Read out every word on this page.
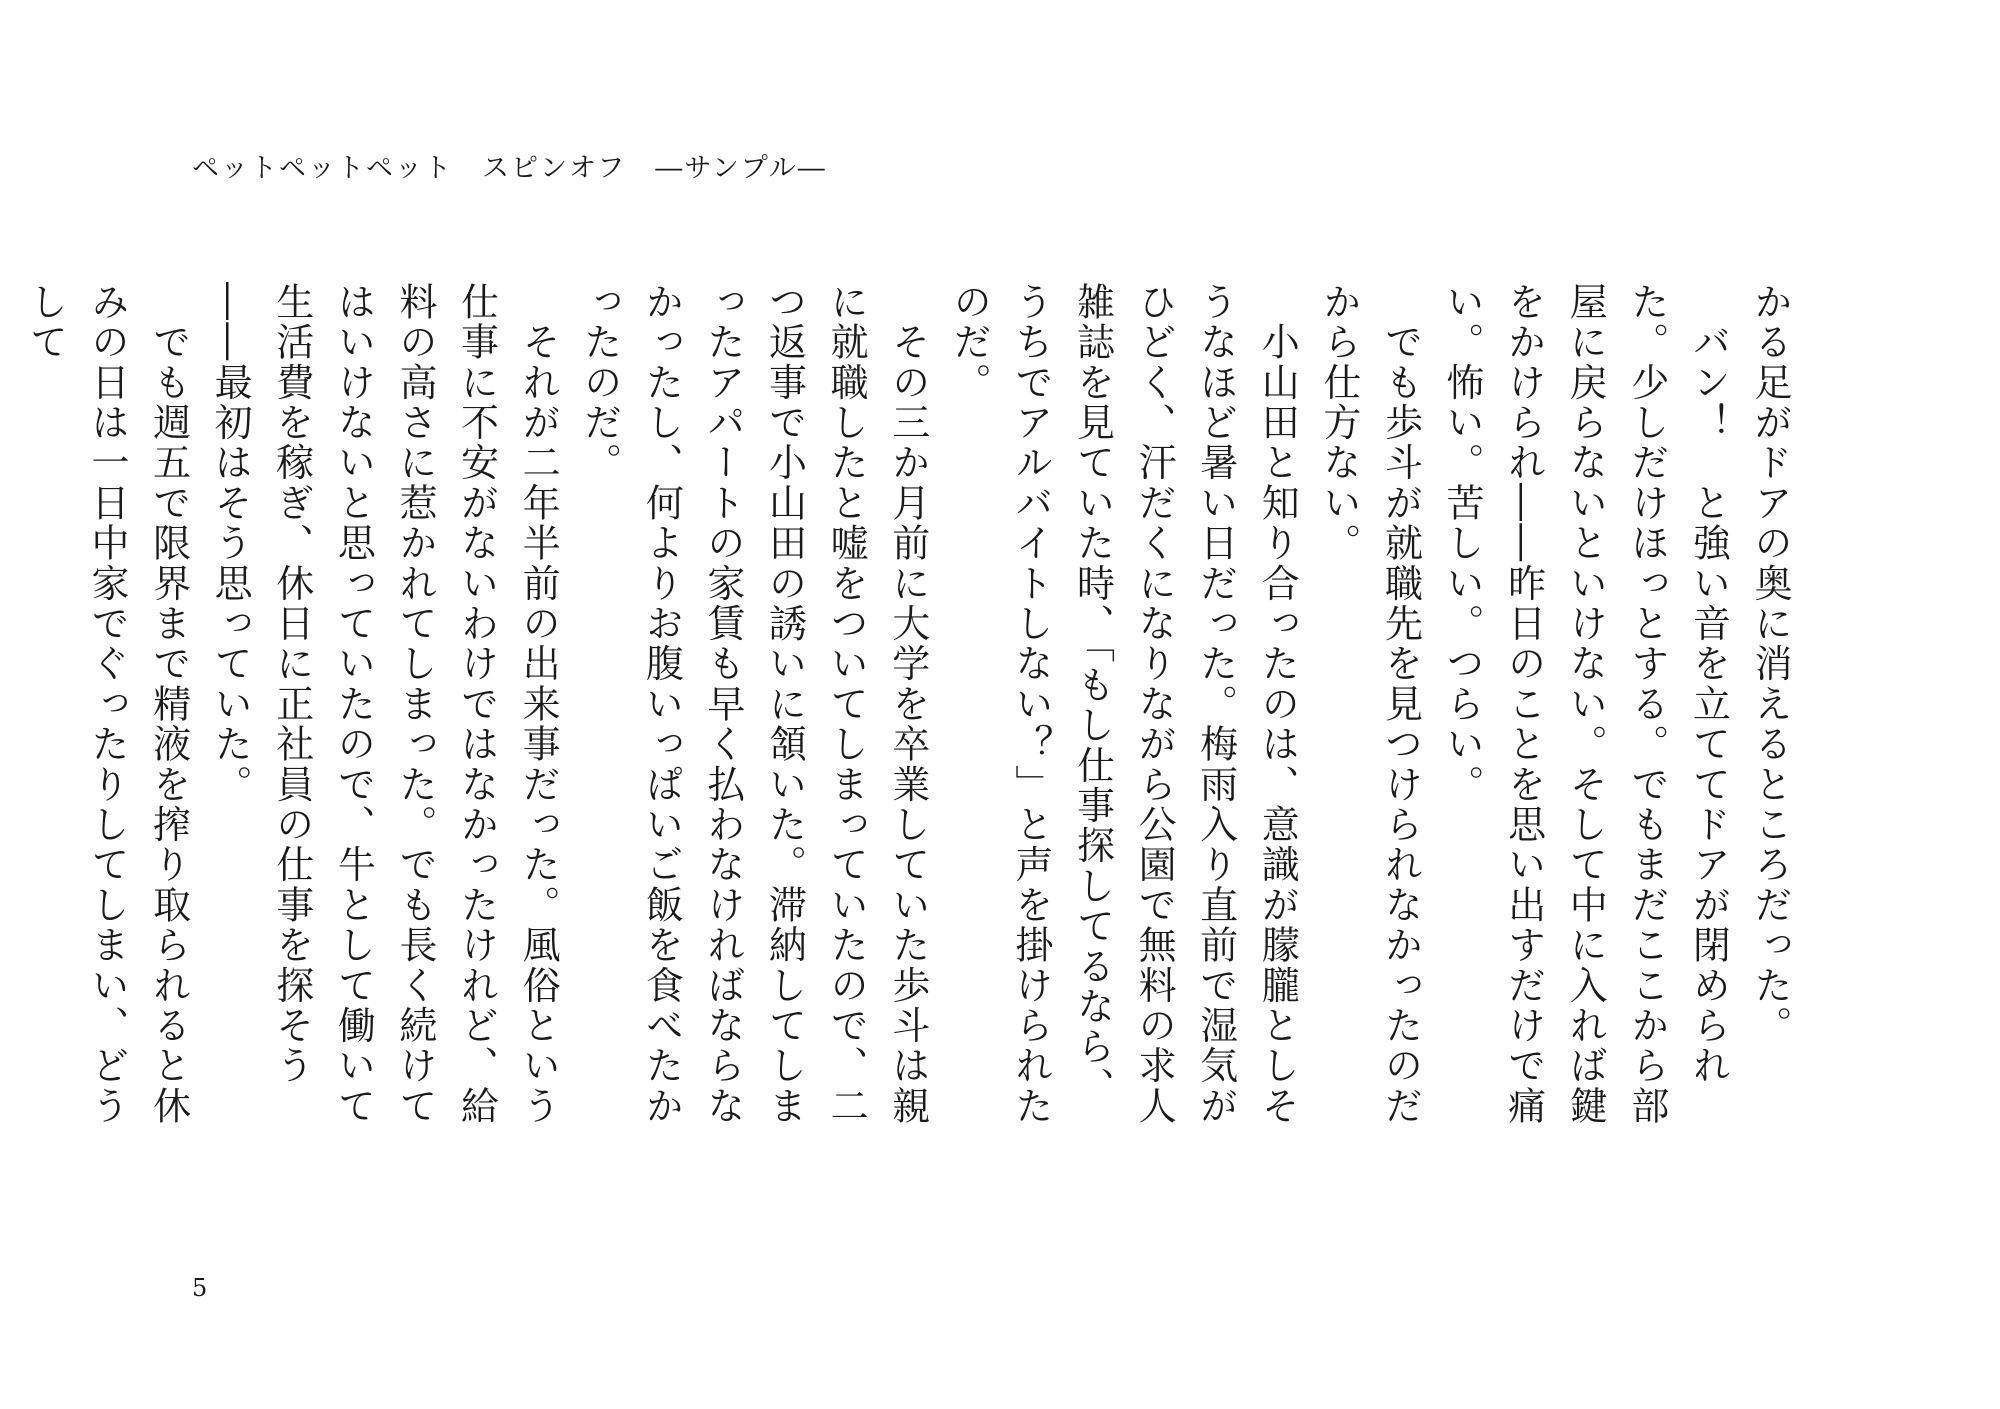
ペットペットペット　スピンオフ　―サンプル―

かる足がドアの奥に消えるところだった。

　バン！　と強い音を立ててドアが閉められた。少しだけほっとする。でもまだここから部屋に戻らないといけない。そして中に入れば鍵をかけられ――昨日のことを思い出すだけで痛い。怖い。苦しい。つらい。

　でも歩斗が就職先を見つけられなかったのだから仕方ない。

　小山田と知り合ったのは、意識が朦朧としそうなほど暑い日だった。梅雨入り直前で湿気がひどく、汗だくになりながら公園で無料の求人雑誌を見ていた時、「もし仕事探してるなら、うちでアルバイトしない？」と声を掛けられたのだ。

　その三か月前に大学を卒業していた歩斗は親に就職したと嘘をついてしまっていたので、二つ返事で小山田の誘いに頷いた。滞納してしまったアパートの家賃も早く払わなければならなかったし、何よりお腹いっぱいご飯を食べたかったのだ。

　それが二年半前の出来事だった。風俗という仕事に不安がないわけではなかったけれど、給料の高さに惹かれてしまった。でも長く続けてはいけないと思っていたので、牛として働いて生活費を稼ぎ、休日に正社員の仕事を探そう――最初はそう思っていた。

　でも週五で限界まで精液を搾り取られると休みの日は一日中家でぐったりしてしまい、どうして

5
